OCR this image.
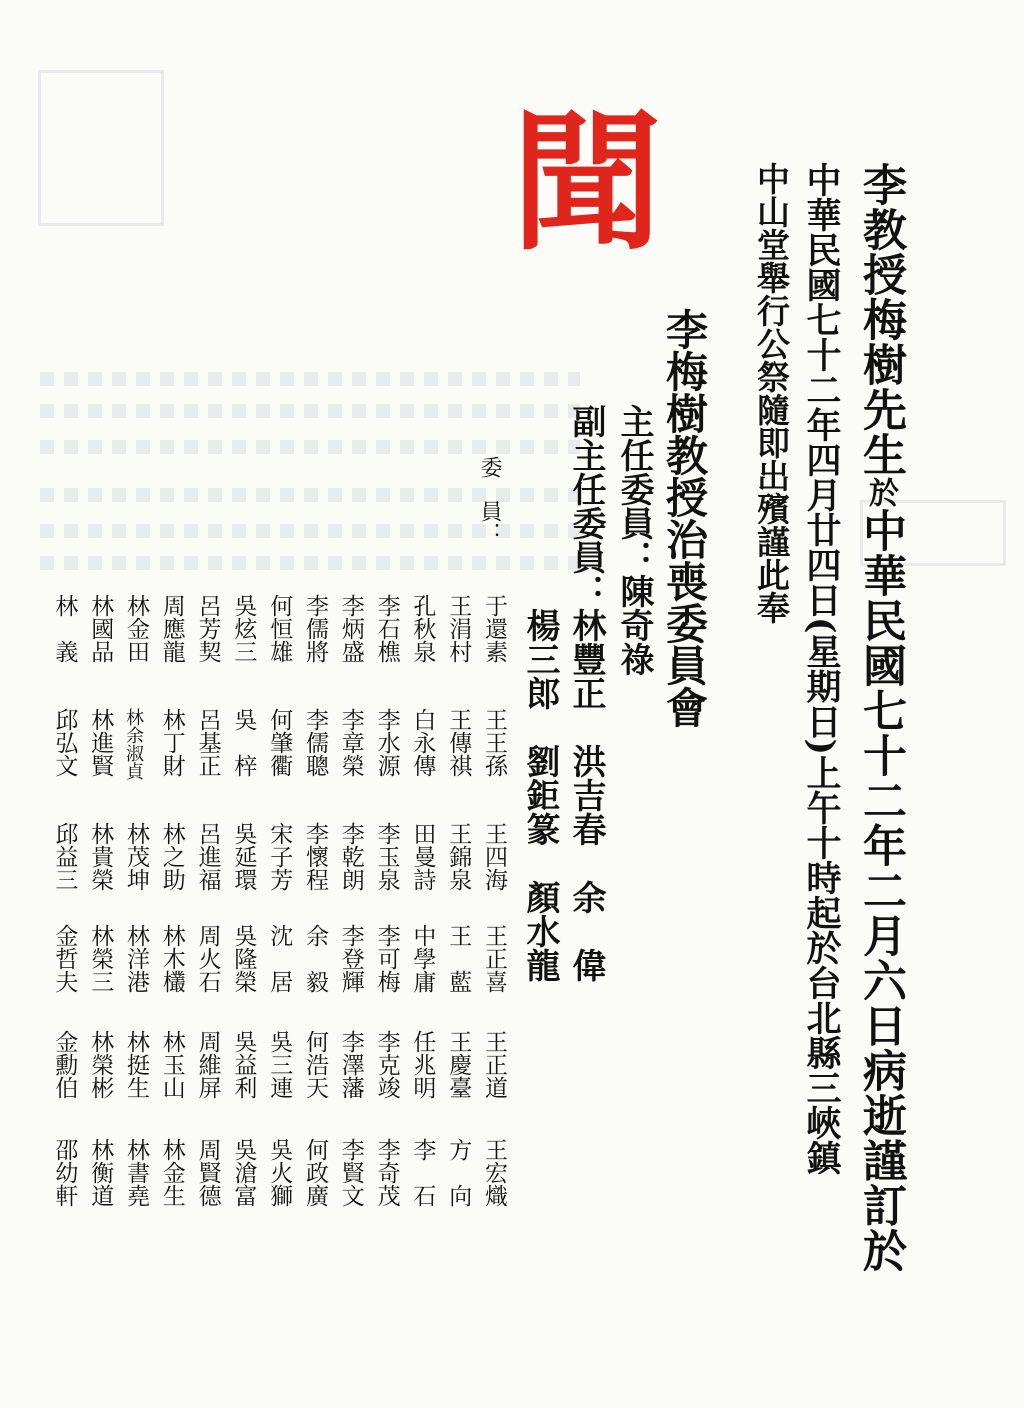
聞	李教授梅樹先生於中華民國七十二年二月六日病逝謹訂於

中華民國七十二年四月廿四日(星期日)上午十時起於台北縣三峽鎮

中山堂舉行公祭隨即出殯謹此奉

李梅樹教授治喪委員會

主任委員：陳奇祿

副主任委員：林豐正　洪吉春　余　偉

楊三郎　劉鉅篆　顏水龍

委　員：

于還素
王王孫
王四海
王正喜
王正道
王宏熾
王涓村
王傳祺
王錦泉
王　藍
王慶臺
方　向
孔秋泉
白永傳
田曼詩
中學庸
任兆明
李　石
李石樵
李水源
李玉泉
李可梅
李克竣
李奇茂
李炳盛
李章榮
李乾朗
李登輝
李澤藩
李賢文
李儒將
李儒聰
李懷程
余　毅
何浩天
何政廣
何恒雄
何肇衢
宋子芳
沈　居
吳三連
吳火獅
吳炫三
吳　梓
吳延環
吳隆榮
吳益利
吳滄富
呂芳契
呂基正
呂進福
周火石
周維屏
周賢德
周應龍
林丁財
林之助
林木欉
林玉山
林金生
林金田
林余淑貞
林茂坤
林洋港
林挺生
林書堯
林國品
林進賢
林貴榮
林榮三
林榮彬
林衡道
林　義
邱弘文
邱益三
金哲夫
金勳伯
邵幼軒
